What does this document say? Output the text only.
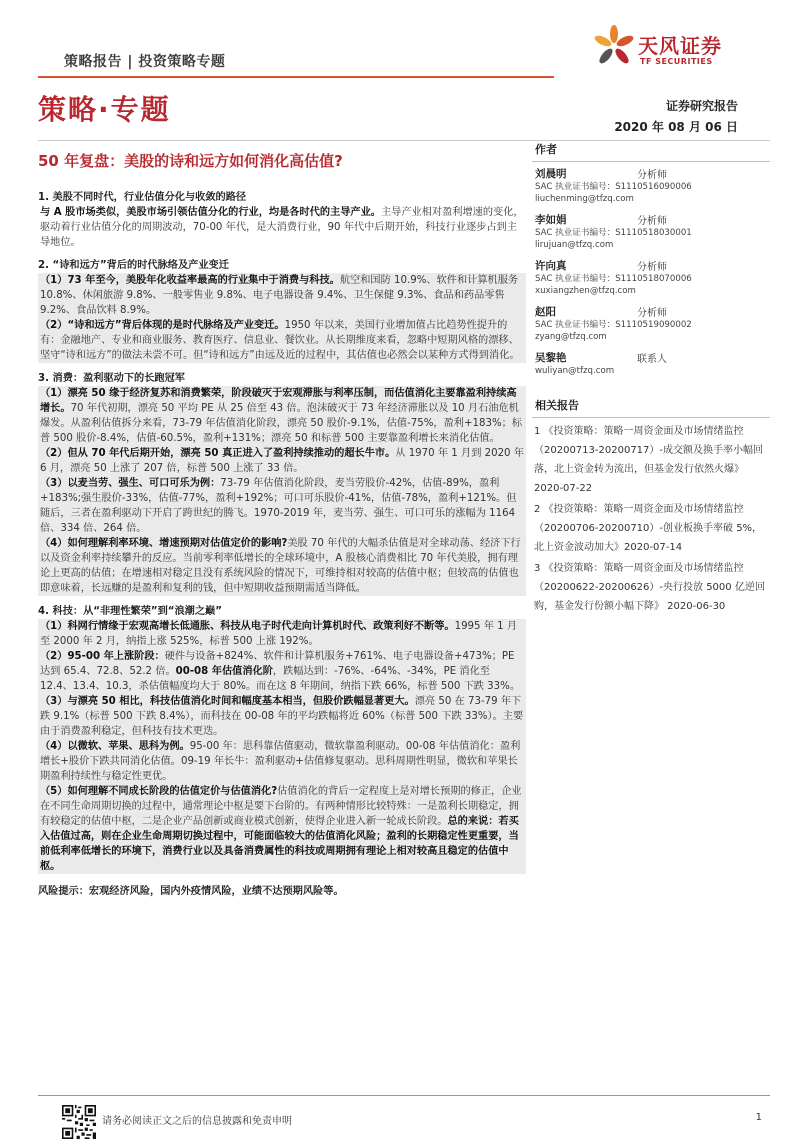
策略报告 | 投资策略专题
天风证券
TF SECURITIES
策略·专题	证券研究报告
2020 年 08 月 06 日
50 年复盘：美股的诗和远方如何消化高估值?
1. 美股不同时代，行业估值分化与收敛的路径
与 A 股市场类似，美股市场引领估值分化的行业，均是各时代的主导产业。主导产业相对盈利增速的变化，驱动着行业估值分化的周期波动，70-00 年代，是大消费行业，90 年代中后期开始，科技行业逐步占到主导地位。
2. “诗和远方”背后的时代脉络及产业变迁
（1）73 年至今，美股年化收益率最高的行业集中于消费与科技。航空和国防 10.9%、软件和计算机服务 10.8%、休闲旅游 9.8%、一般零售业 9.8%、电子电器设备 9.4%、卫生保健 9.3%、食品和药品零售 9.2%、食品饮料 8.9%。
（2）“诗和远方”背后体现的是时代脉络及产业变迁。1950 年以来，美国行业增加值占比趋势性提升的有：金融地产、专业和商业服务、教育医疗、信息业、餐饮业。从长期维度来看，忽略中短期风格的漂移、坚守“诗和远方”的做法未尝不可。但“诗和远方”由远及近的过程中，其估值也必然会以某种方式得到消化。
3. 消费：盈利驱动下的长跑冠军
（1）漂亮 50 缘于经济复苏和消费繁荣，阶段破灭于宏观滞胀与利率压制，而估值消化主要靠盈利持续高增长。70 年代初期，漂亮 50 平均 PE 从 25 倍至 43 倍。泡沫破灭于 73 年经济滞胀以及 10 月石油危机爆发。从盈利估值拆分来看，73-79 年估值消化阶段，漂亮 50 股价-9.1%，估值-75%，盈利+183%；标普 500 股价-8.4%，估值-60.5%，盈利+131%；漂亮 50 和标普 500 主要靠盈利增长来消化估值。
（2）但从 70 年代后期开始，漂亮 50 真正进入了盈利持续推动的超长牛市。从 1970 年 1 月到 2020 年 6 月，漂亮 50 上涨了 207 倍，标普 500 上涨了 33 倍。
（3）以麦当劳、强生、可口可乐为例：73-79 年估值消化阶段，麦当劳股价-42%，估值-89%，盈利+183%;强生股价-33%，估值-77%，盈利+192%；可口可乐股价-41%，估值-78%，盈利+121%。但随后，三者在盈利驱动下开启了跨世纪的腾飞。1970-2019 年，麦当劳、强生、可口可乐的涨幅为 1164 倍、334 倍、264 倍。
（4）如何理解利率环境、增速预期对估值定价的影响?美股 70 年代的大幅杀估值是对全球动荡、经济下行以及资金利率持续攀升的反应。当前零利率低增长的全球环境中，A 股核心消费相比 70 年代美股，拥有理论上更高的估值；在增速相对稳定且没有系统风险的情况下，可维持相对较高的估值中枢；但较高的估值也即意味着，长远赚的是盈利和复利的钱，但中短期收益预期需适当降低。
4. 科技：从“非理性繁荣”到“浪潮之巅”
（1）科网行情缘于宏观高增长低通胀、科技从电子时代走向计算机时代、政策利好不断等。1995 年 1 月至 2000 年 2 月，纳指上涨 525%，标普 500 上涨 192%。
（2）95-00 年上涨阶段：硬件与设备+824%、软件和计算机服务+761%、电子电器设备+473%；PE 达到 65.4、72.8、52.2 倍。00-08 年估值消化阶，跌幅达到：-76%、-64%、-34%，PE 消化至 12.4、13.4、10.3，杀估值幅度均大于 80%。而在这 8 年期间，纳指下跌 66%，标普 500 下跌 33%。
（3）与漂亮 50 相比，科技估值消化时间和幅度基本相当，但股价跌幅显著更大。漂亮 50 在 73-79 年下跌 9.1%（标普 500 下跌 8.4%），而科技在 00-08 年的平均跌幅将近 60%（标普 500 下跌 33%）。主要由于消费盈利稳定，但科技有技术更迭。
（4）以微软、苹果、思科为例。95-00 年：思科靠估值驱动，微软靠盈利驱动。00-08 年估值消化：盈利增长+股价下跌共同消化估值。09-19 年长牛：盈利驱动+估值修复驱动。思科周期性明显，微软和苹果长期盈利持续性与稳定性更优。
（5）如何理解不同成长阶段的估值定价与估值消化?估值消化的背后一定程度上是对增长预期的修正，企业在不同生命周期切换的过程中，通常理论中枢是要下台阶的。有两种情形比较特殊：一是盈利长期稳定，拥有较稳定的估值中枢，二是企业产品创新或商业模式创新，使得企业进入新一轮成长阶段。总的来说：若买入估值过高，则在企业生命周期切换过程中，可能面临较大的估值消化风险；盈利的长期稳定性更重要，当前低利率低增长的环境下，消费行业以及具备消费属性的科技或周期拥有理论上相对较高且稳定的估值中枢。
风险提示：宏观经济风险，国内外疫情风险，业绩不达预期风险等。
作者
刘晨明	分析师
SAC 执业证书编号：S1110516090006
liuchenming@tfzq.com
李如娟	分析师
SAC 执业证书编号：S1110518030001
lirujuan@tfzq.com
许向真	分析师
SAC 执业证书编号：S1110518070006
xuxiangzhen@tfzq.com
赵阳	分析师
SAC 执业证书编号：S1110519090002
zyang@tfzq.com
吴黎艳	联系人
wuliyan@tfzq.com
相关报告
1 《投资策略：策略一周资金面及市场情绪监控（20200713-20200717）-成交额及换手率小幅回落，北上资金转为流出，但基金发行依然火爆》2020-07-22
2 《投资策略：策略一周资金面及市场情绪监控（20200706-20200710）-创业板换手率破 5%，北上资金波动加大》2020-07-14
3 《投资策略：策略一周资金面及市场情绪监控（20200622-20200626）-央行投放 5000 亿逆回购，基金发行份额小幅下降》 2020-06-30
请务必阅读正文之后的信息披露和免责申明	1
